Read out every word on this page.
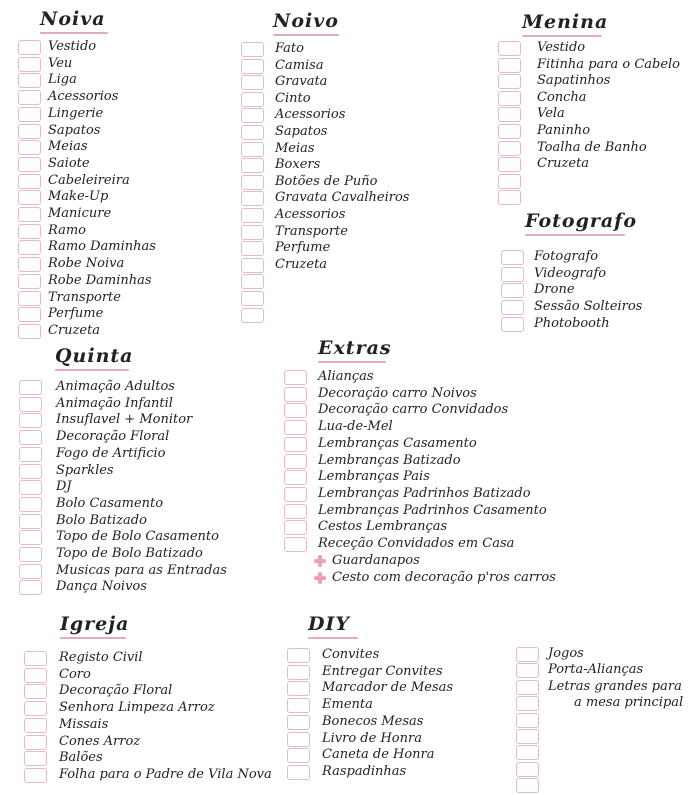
Noiva	Noivo	Menina
Fotografo
Quinta	Extras
Igreja	DIY
Vestido
Veu
Liga
Acessorios
Lingerie
Sapatos
Meias
Saiote
Cabeleireira
Make-Up
Manicure
Ramo
Ramo Daminhas
Robe Noiva
Robe Daminhas
Transporte
Perfume
Cruzeta
Fato
Camisa
Gravata
Cinto
Acessorios
Sapatos
Meias
Boxers
Botões de Puño
Gravata Cavalheiros
Acessorios
Transporte
Perfume
Cruzeta
Vestido
Fitinha para o Cabelo
Sapatinhos
Concha
Vela
Paninho
Toalha de Banho
Cruzeta
Fotografo
Videografo
Drone
Sessão Solteiros
Photobooth
Animação Adultos
Animação Infantil
Insuflavel + Monitor
Decoração Floral
Fogo de Artificio
Sparkles
DJ
Bolo Casamento
Bolo Batizado
Topo de Bolo Casamento
Topo de Bolo Batizado
Musicas para as Entradas
Dança Noivos
Alianças
Decoração carro Noivos
Decoração carro Convidados
Lua-de-Mel
Lembranças Casamento
Lembranças Batizado
Lembranças Pais
Lembranças Padrinhos Batizado
Lembranças Padrinhos Casamento
Cestos Lembranças
Receção Convidados em Casa
Guardanapos
Cesto com decoração p'ros carros
Registo Civil
Coro
Decoração Floral
Senhora Limpeza Arroz
Missais
Cones Arroz
Balões
Folha para o Padre de Vila Nova
Convites
Entregar Convites
Marcador de Mesas
Ementa
Bonecos Mesas
Livro de Honra
Caneta de Honra
Raspadinhas
Jogos
Porta-Alianças
Letras grandes para
a mesa principal
